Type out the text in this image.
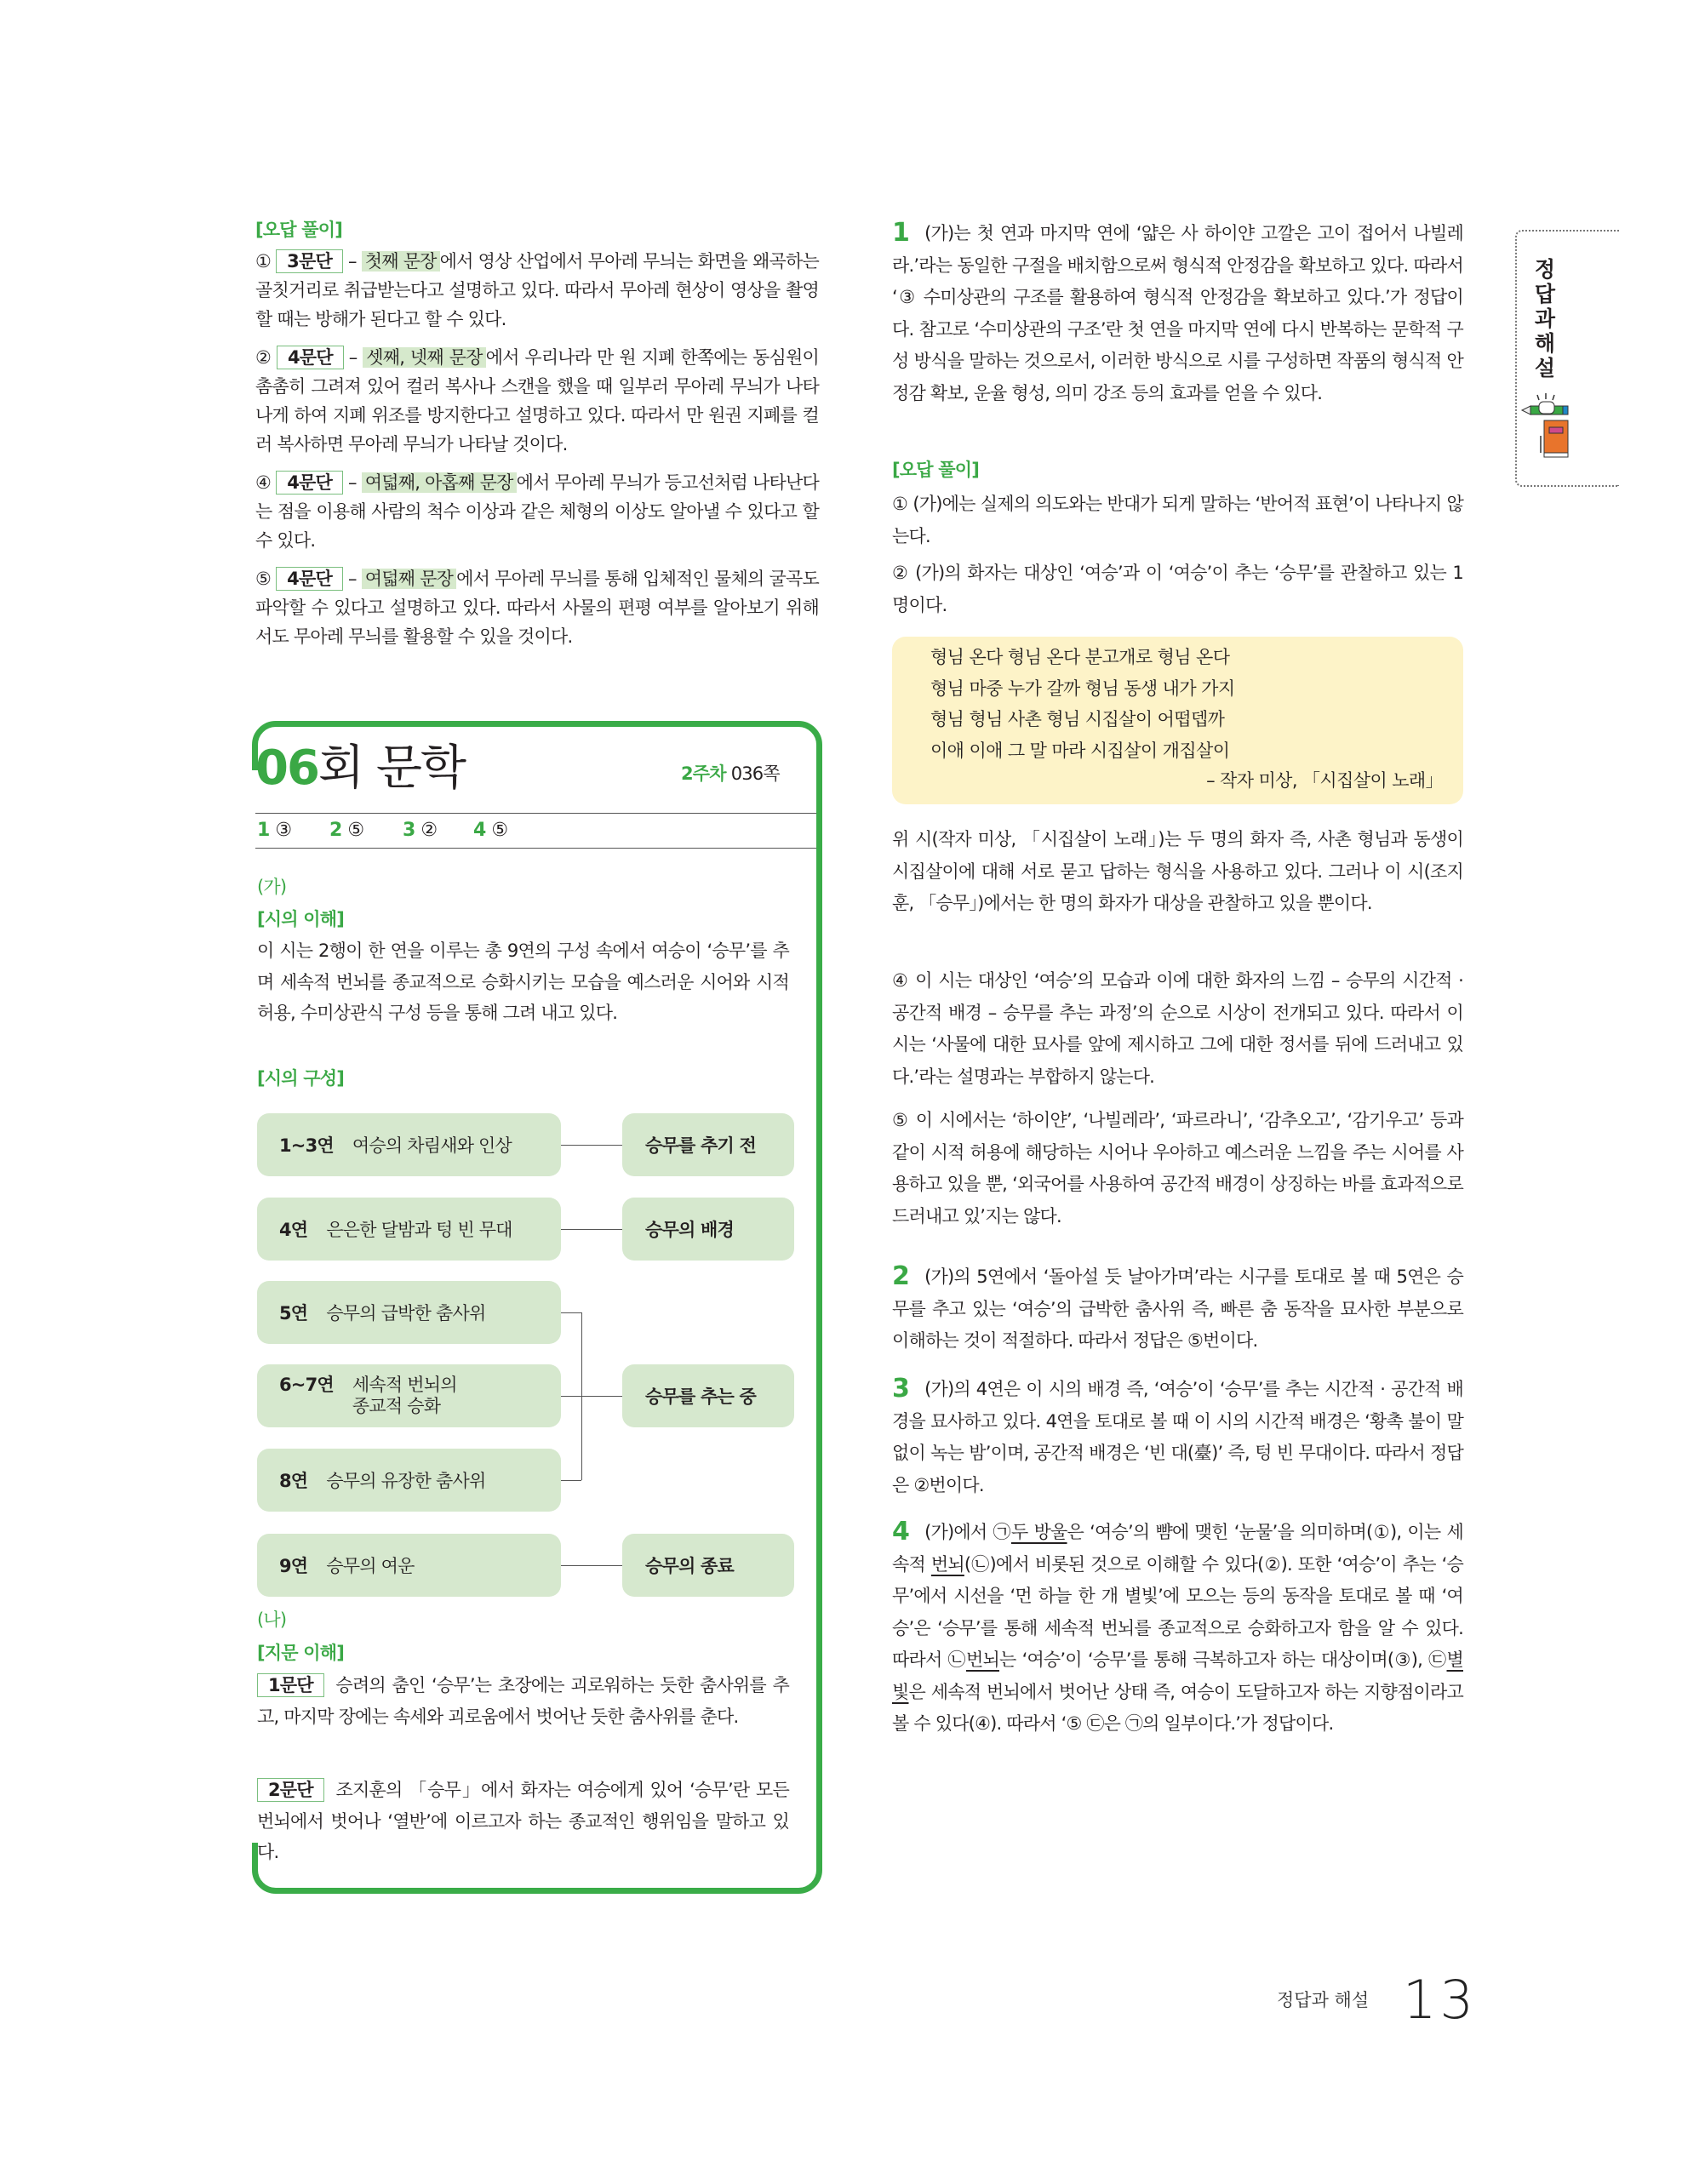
[오답 풀이]
① 3문단 – 첫째 문장 에서 영상 산업에서 무아레 무늬는 화면을 왜곡하는 골칫거리로 취급받는다고 설명하고 있다. 따라서 무아레 현상이 영상을 촬영할 때는 방해가 된다고 할 수 있다.
② 4문단 – 셋째, 넷째 문장 에서 우리나라 만 원 지폐 한쪽에는 동심원이 촘촘히 그려져 있어 컬러 복사나 스캔을 했을 때 일부러 무아레 무늬가 나타나게 하여 지폐 위조를 방지한다고 설명하고 있다. 따라서 만 원권 지폐를 컬러 복사하면 무아레 무늬가 나타날 것이다.
④ 4문단 – 여덟째, 아홉째 문장 에서 무아레 무늬가 등고선처럼 나타난다는 점을 이용해 사람의 척수 이상과 같은 체형의 이상도 알아낼 수 있다고 할 수 있다.
⑤ 4문단 – 여덟째 문장 에서 무아레 무늬를 통해 입체적인 물체의 굴곡도 파악할 수 있다고 설명하고 있다. 따라서 사물의 편평 여부를 알아보기 위해서도 무아레 무늬를 활용할 수 있을 것이다.
06회 문학	2주차 036쪽
1 ③ 2 ⑤ 3 ② 4 ⑤
(가)
[시의 이해]
이 시는 2행이 한 연을 이루는 총 9연의 구성 속에서 여승이 ‘승무’를 추며 세속적 번뇌를 종교적으로 승화시키는 모습을 예스러운 시어와 시적 허용, 수미상관식 구성 등을 통해 그려 내고 있다.
[시의 구성]
1~3연 여승의 차림새와 인상
4연 은은한 달밤과 텅 빈 무대
5연 승무의 급박한 춤사위
6~7연 세속적 번뇌의 종교적 승화
8연 승무의 유장한 춤사위
9연 승무의 여운
승무를 추기 전
승무의 배경
승무를 추는 중
승무의 종료
(나)
[지문 이해]
1문단 승려의 춤인 ‘승무’는 초장에는 괴로워하는 듯한 춤사위를 추고, 마지막 장에는 속세와 괴로움에서 벗어난 듯한 춤사위를 춘다.
2문단 조지훈의 「승무」에서 화자는 여승에게 있어 ‘승무’란 모든 번뇌에서 벗어나 ‘열반’에 이르고자 하는 종교적인 행위임을 말하고 있다.
1 (가)는 첫 연과 마지막 연에 ‘얇은 사 하이얀 고깔은 고이 접어서 나빌레라.’라는 동일한 구절을 배치함으로써 형식적 안정감을 확보하고 있다. 따라서 ‘③ 수미상관의 구조를 활용하여 형식적 안정감을 확보하고 있다.’가 정답이다. 참고로 ‘수미상관의 구조’란 첫 연을 마지막 연에 다시 반복하는 문학적 구성 방식을 말하는 것으로서, 이러한 방식으로 시를 구성하면 작품의 형식적 안정감 확보, 운율 형성, 의미 강조 등의 효과를 얻을 수 있다.
[오답 풀이]
① (가)에는 실제의 의도와는 반대가 되게 말하는 ‘반어적 표현’이 나타나지 않는다.
② (가)의 화자는 대상인 ‘여승’과 이 ‘여승’이 추는 ‘승무’를 관찰하고 있는 1명이다.
형님 온다 형님 온다 분고개로 형님 온다
형님 마중 누가 갈까 형님 동생 내가 가지
형님 형님 사촌 형님 시집살이 어떱뎁까
이애 이애 그 말 마라 시집살이 개집살이
– 작자 미상, 「시집살이 노래」
위 시(작자 미상, 「시집살이 노래」)는 두 명의 화자 즉, 사촌 형님과 동생이 시집살이에 대해 서로 묻고 답하는 형식을 사용하고 있다. 그러나 이 시(조지훈, 「승무」)에서는 한 명의 화자가 대상을 관찰하고 있을 뿐이다.
④ 이 시는 대상인 ‘여승’의 모습과 이에 대한 화자의 느낌 – 승무의 시간적 · 공간적 배경 – 승무를 추는 과정’의 순으로 시상이 전개되고 있다. 따라서 이 시는 ‘사물에 대한 묘사를 앞에 제시하고 그에 대한 정서를 뒤에 드러내고 있다.’라는 설명과는 부합하지 않는다.
⑤ 이 시에서는 ‘하이얀’, ‘나빌레라’, ‘파르라니’, ‘감추오고’, ‘감기우고’ 등과 같이 시적 허용에 해당하는 시어나 우아하고 예스러운 느낌을 주는 시어를 사용하고 있을 뿐, ‘외국어를 사용하여 공간적 배경이 상징하는 바를 효과적으로 드러내고 있’지는 않다.
2 (가)의 5연에서 ‘돌아설 듯 날아가며’라는 시구를 토대로 볼 때 5연은 승무를 추고 있는 ‘여승’의 급박한 춤사위 즉, 빠른 춤 동작을 묘사한 부분으로 이해하는 것이 적절하다. 따라서 정답은 ⑤번이다.
3 (가)의 4연은 이 시의 배경 즉, ‘여승’이 ‘승무’를 추는 시간적 · 공간적 배경을 묘사하고 있다. 4연을 토대로 볼 때 이 시의 시간적 배경은 ‘황촉 불이 말없이 녹는 밤’이며, 공간적 배경은 ‘빈 대(臺)’ 즉, 텅 빈 무대이다. 따라서 정답은 ②번이다.
4 (가)에서 ㉠두 방울은 ‘여승’의 뺨에 맺힌 ‘눈물’을 의미하며(①), 이는 세속적 번뇌(㉡)에서 비롯된 것으로 이해할 수 있다(②). 또한 ‘여승’이 추는 ‘승무’에서 시선을 ‘먼 하늘 한 개 별빛’에 모으는 등의 동작을 토대로 볼 때 ‘여승’은 ‘승무’를 통해 세속적 번뇌를 종교적으로 승화하고자 함을 알 수 있다. 따라서 ㉡번뇌는 ‘여승’이 ‘승무’를 통해 극복하고자 하는 대상이며(③), ㉢별빛은 세속적 번뇌에서 벗어난 상태 즉, 여승이 도달하고자 하는 지향점이라고 볼 수 있다(④). 따라서 ‘⑤ ㉢은 ㉠의 일부이다.’가 정답이다.
정답과 해설
정답과 해설 13
